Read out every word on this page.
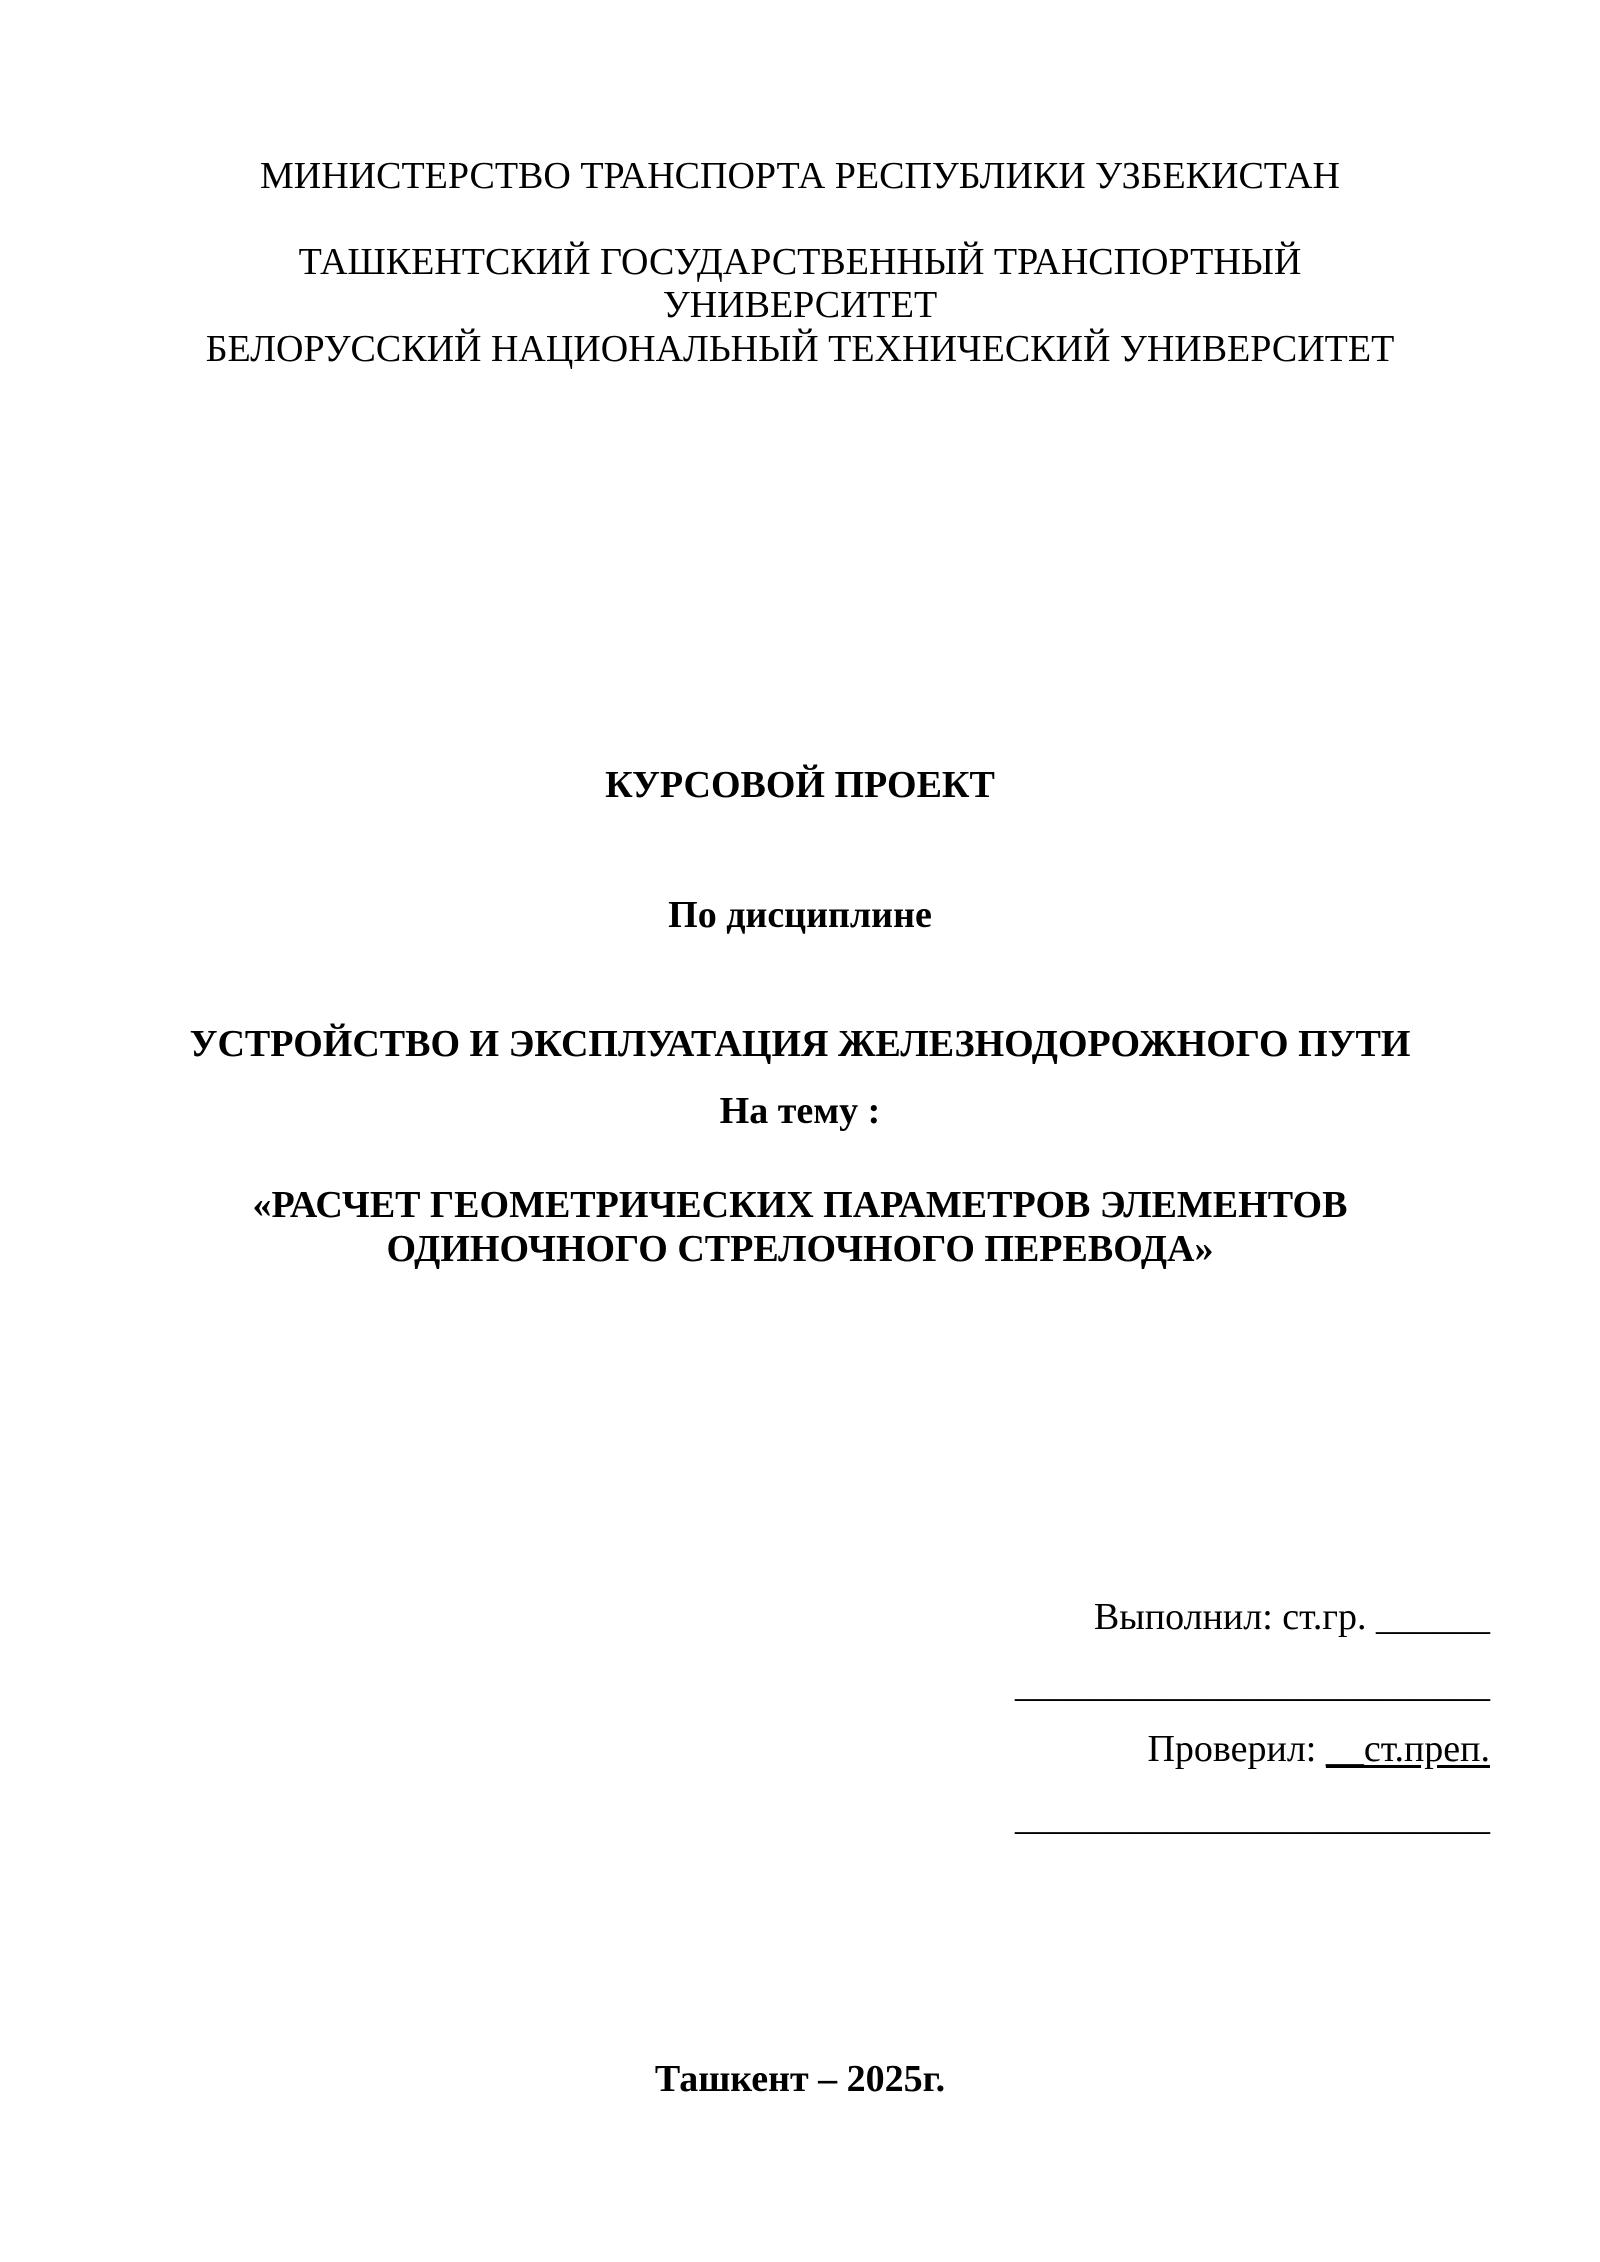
МИНИСТЕРСТВО ТРАНСПОРТА РЕСПУБЛИКИ УЗБЕКИСТАН
ТАШКЕНТСКИЙ ГОСУДАРСТВЕННЫЙ ТРАНСПОРТНЫЙ
УНИВЕРСИТЕТ
БЕЛОРУССКИЙ НАЦИОНАЛЬНЫЙ ТЕХНИЧЕСКИЙ УНИВЕРСИТЕТ
КУРСОВОЙ ПРОЕКТ
По дисциплине
УСТРОЙСТВО И ЭКСПЛУАТАЦИЯ ЖЕЛЕЗНОДОРОЖНОГО ПУТИ
На тему :
«РАСЧЕТ ГЕОМЕТРИЧЕСКИХ ПАРАМЕТРОВ ЭЛЕМЕНТОВ
ОДИНОЧНОГО СТРЕЛОЧНОГО ПЕРЕВОДА»
Выполнил: ст.гр. ______
_________________________
Проверил: __ст.преп.
_________________________
Ташкент – 2025г.
